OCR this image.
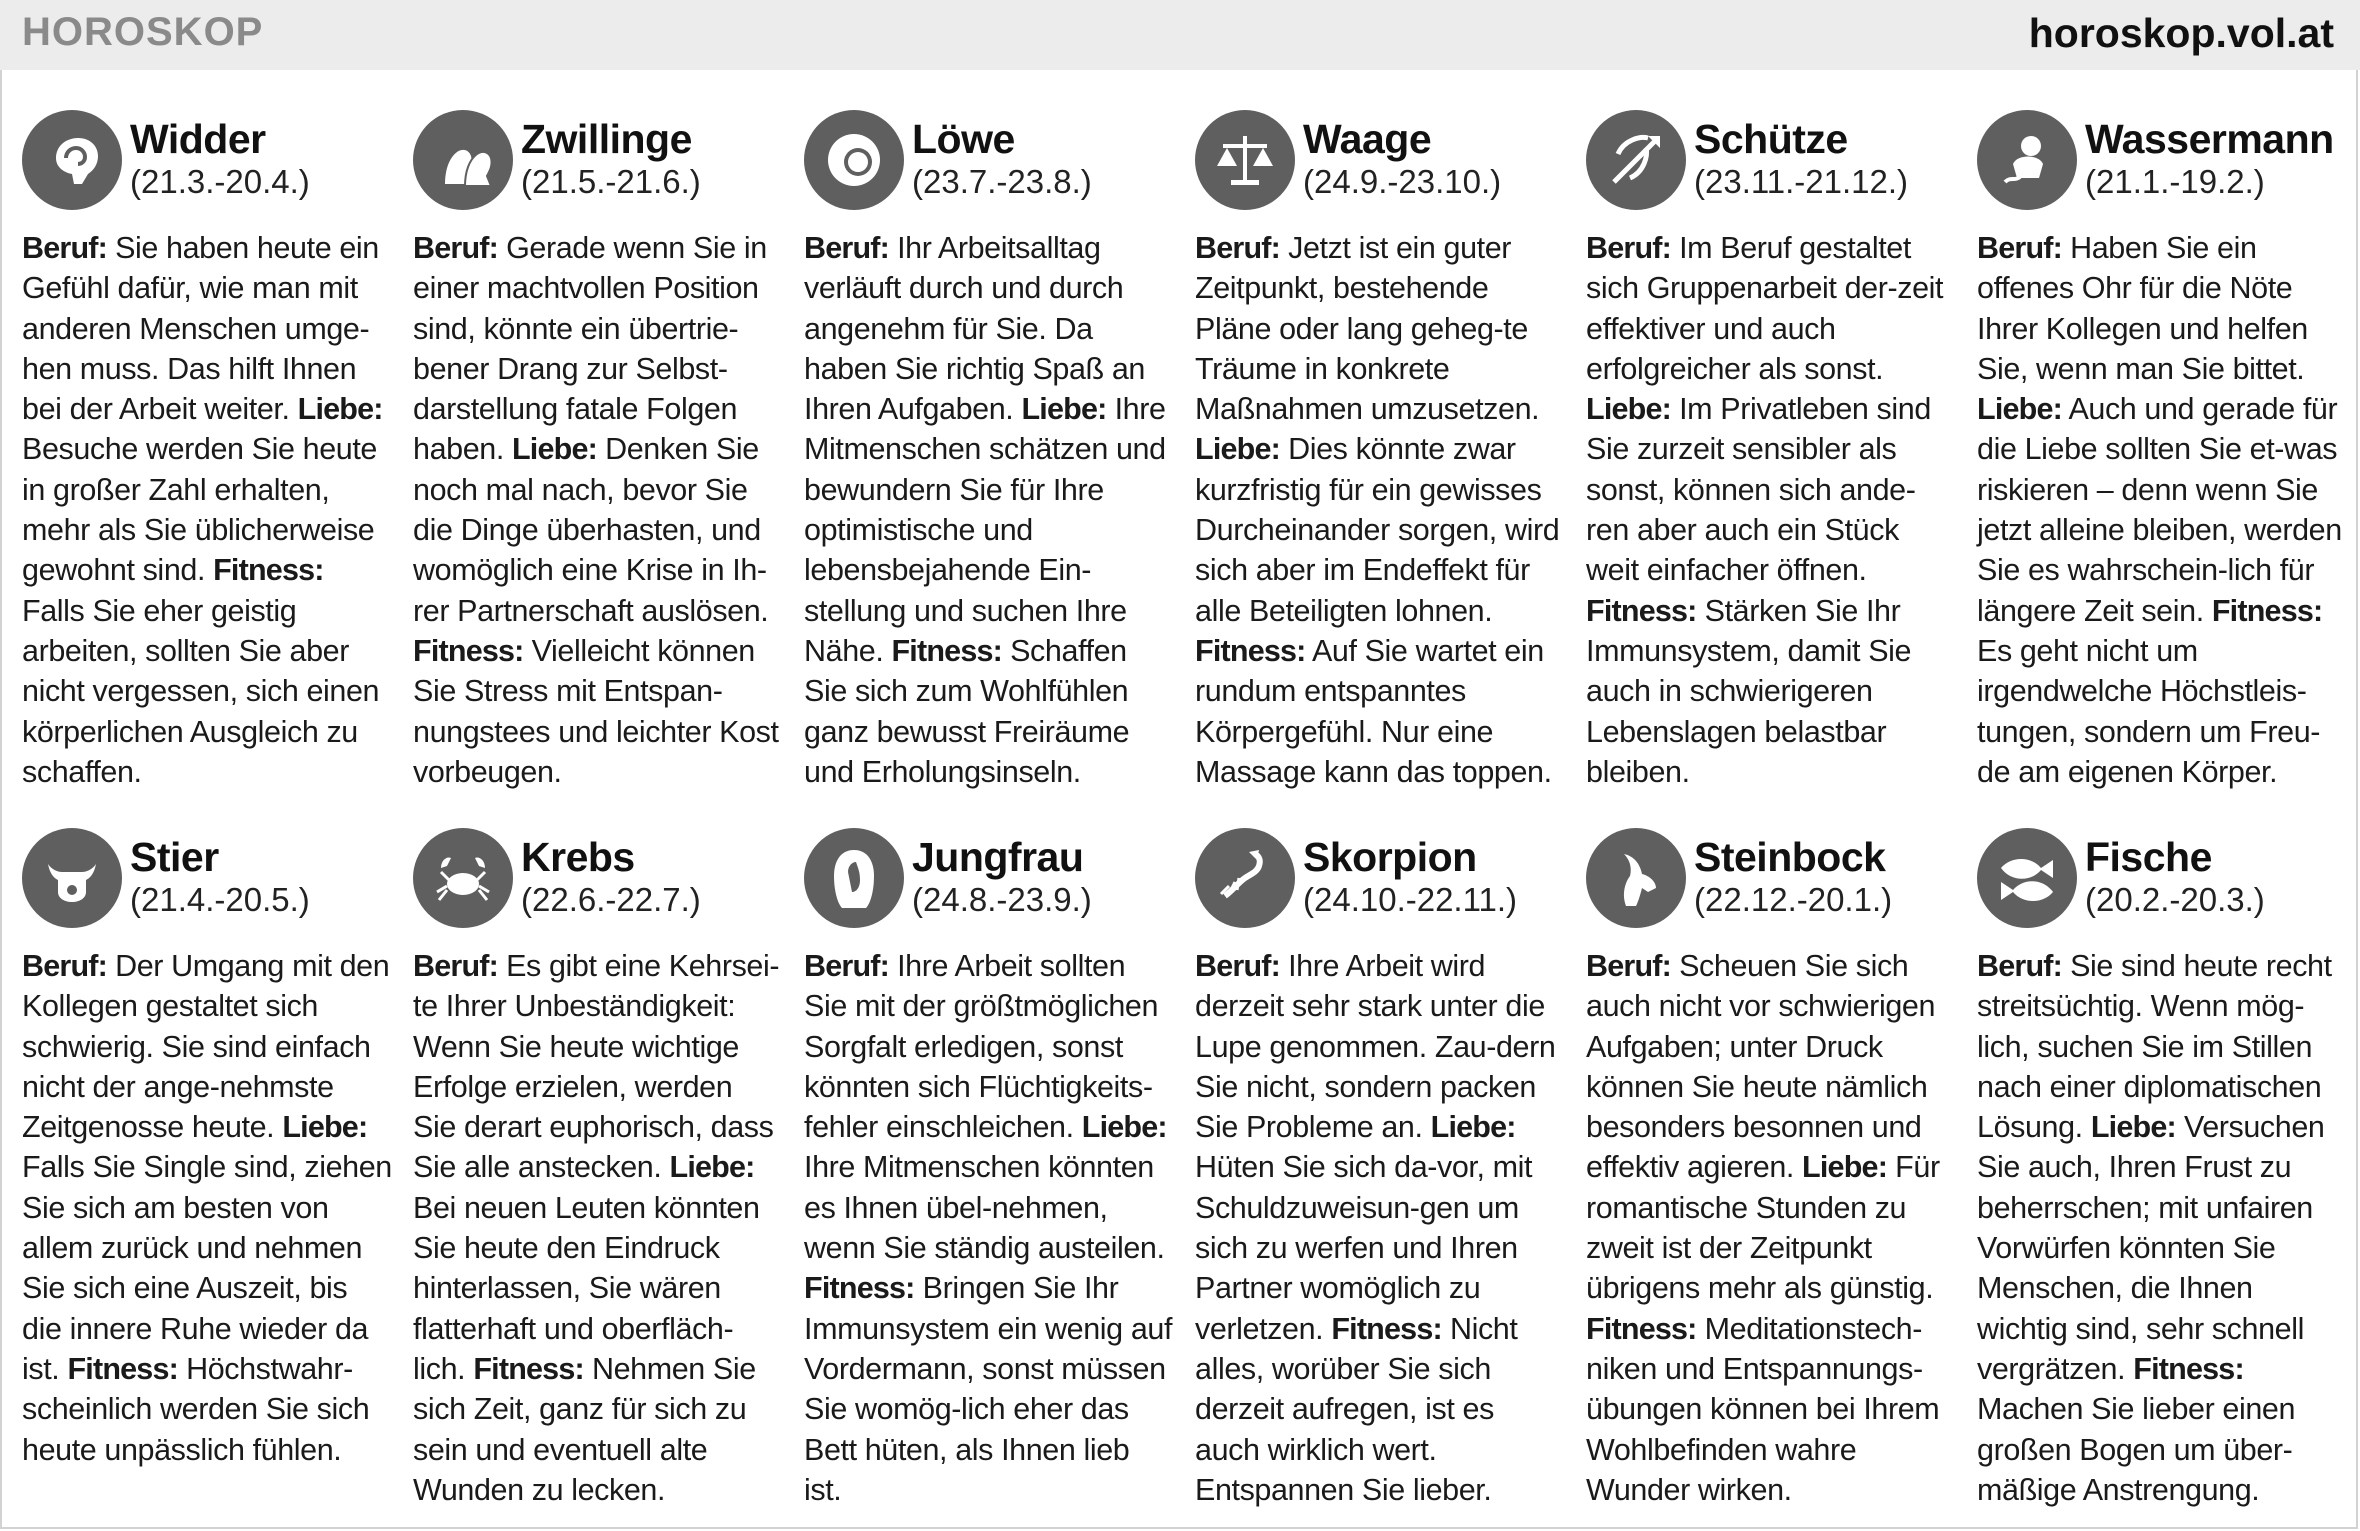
HOROSKOP	horoskop.vol.at
Widder
(21.3.-20.4.)
Beruf: Sie haben heute ein Gefühl dafür, wie man mit anderen Menschen umge-hen muss. Das hilft Ihnen bei der Arbeit weiter. Liebe: Besuche werden Sie heute in großer Zahl erhalten, mehr als Sie üblicherweise gewohnt sind. Fitness: Falls Sie eher geistig arbeiten, sollten Sie aber nicht vergessen, sich einen körperlichen Ausgleich zu schaffen.
Zwillinge
(21.5.-21.6.)
Beruf: Gerade wenn Sie in einer machtvollen Position sind, könnte ein übertrie-bener Drang zur Selbst-darstellung fatale Folgen haben. Liebe: Denken Sie noch mal nach, bevor Sie die Dinge überhasten, und womöglich eine Krise in Ih-rer Partnerschaft auslösen. Fitness: Vielleicht können Sie Stress mit Entspan-nungstees und leichter Kost vorbeugen.
Löwe
(23.7.-23.8.)
Beruf: Ihr Arbeitsalltag verläuft durch und durch angenehm für Sie. Da haben Sie richtig Spaß an Ihren Aufgaben. Liebe: Ihre Mitmenschen schätzen und bewundern Sie für Ihre optimistische und lebensbejahende Ein-stellung und suchen Ihre Nähe. Fitness: Schaffen Sie sich zum Wohlfühlen ganz bewusst Freiräume und Erholungsinseln.
Waage
(24.9.-23.10.)
Beruf: Jetzt ist ein guter Zeitpunkt, bestehende Pläne oder lang geheg-te Träume in konkrete Maßnahmen umzusetzen. Liebe: Dies könnte zwar kurzfristig für ein gewisses Durcheinander sorgen, wird sich aber im Endeffekt für alle Beteiligten lohnen. Fitness: Auf Sie wartet ein rundum entspanntes Körpergefühl. Nur eine Massage kann das toppen.
Schütze
(23.11.-21.12.)
Beruf: Im Beruf gestaltet sich Gruppenarbeit der-zeit effektiver und auch erfolgreicher als sonst. Liebe: Im Privatleben sind Sie zurzeit sensibler als sonst, können sich ande-ren aber auch ein Stück weit einfacher öffnen. Fitness: Stärken Sie Ihr Immunsystem, damit Sie auch in schwierigeren Lebenslagen belastbar bleiben.
Wassermann
(21.1.-19.2.)
Beruf: Haben Sie ein offenes Ohr für die Nöte Ihrer Kollegen und helfen Sie, wenn man Sie bittet. Liebe: Auch und gerade für die Liebe sollten Sie et-was riskieren – denn wenn Sie jetzt alleine bleiben, werden Sie es wahrschein-lich für längere Zeit sein. Fitness: Es geht nicht um irgendwelche Höchstleis-tungen, sondern um Freu-de am eigenen Körper.
Stier
(21.4.-20.5.)
Beruf: Der Umgang mit den Kollegen gestaltet sich schwierig. Sie sind einfach nicht der ange-nehmste Zeitgenosse heute. Liebe: Falls Sie Single sind, ziehen Sie sich am besten von allem zurück und nehmen Sie sich eine Auszeit, bis die innere Ruhe wieder da ist. Fitness: Höchstwahr-scheinlich werden Sie sich heute unpässlich fühlen.
Krebs
(22.6.-22.7.)
Beruf: Es gibt eine Kehrsei-te Ihrer Unbeständigkeit: Wenn Sie heute wichtige Erfolge erzielen, werden Sie derart euphorisch, dass Sie alle anstecken. Liebe: Bei neuen Leuten könnten Sie heute den Eindruck hinterlassen, Sie wären flatterhaft und oberfläch-lich. Fitness: Nehmen Sie sich Zeit, ganz für sich zu sein und eventuell alte Wunden zu lecken.
Jungfrau
(24.8.-23.9.)
Beruf: Ihre Arbeit sollten Sie mit der größtmöglichen Sorgfalt erledigen, sonst könnten sich Flüchtigkeits-fehler einschleichen. Liebe: Ihre Mitmenschen könnten es Ihnen übel-nehmen, wenn Sie ständig austeilen. Fitness: Bringen Sie Ihr Immunsystem ein wenig auf Vordermann, sonst müssen Sie womög-lich eher das Bett hüten, als Ihnen lieb ist.
Skorpion
(24.10.-22.11.)
Beruf: Ihre Arbeit wird derzeit sehr stark unter die Lupe genommen. Zau-dern Sie nicht, sondern packen Sie Probleme an. Liebe: Hüten Sie sich da-vor, mit Schuldzuweisun-gen um sich zu werfen und Ihren Partner womöglich zu verletzen. Fitness: Nicht alles, worüber Sie sich derzeit aufregen, ist es auch wirklich wert. Entspannen Sie lieber.
Steinbock
(22.12.-20.1.)
Beruf: Scheuen Sie sich auch nicht vor schwierigen Aufgaben; unter Druck können Sie heute nämlich besonders besonnen und effektiv agieren. Liebe: Für romantische Stunden zu zweit ist der Zeitpunkt übrigens mehr als günstig. Fitness: Meditationstech-niken und Entspannungs-übungen können bei Ihrem Wohlbefinden wahre Wunder wirken.
Fische
(20.2.-20.3.)
Beruf: Sie sind heute recht streitsüchtig. Wenn mög-lich, suchen Sie im Stillen nach einer diplomatischen Lösung. Liebe: Versuchen Sie auch, Ihren Frust zu beherrschen; mit unfairen Vorwürfen könnten Sie Menschen, die Ihnen wichtig sind, sehr schnell vergrätzen. Fitness: Machen Sie lieber einen großen Bogen um über-mäßige Anstrengung.
